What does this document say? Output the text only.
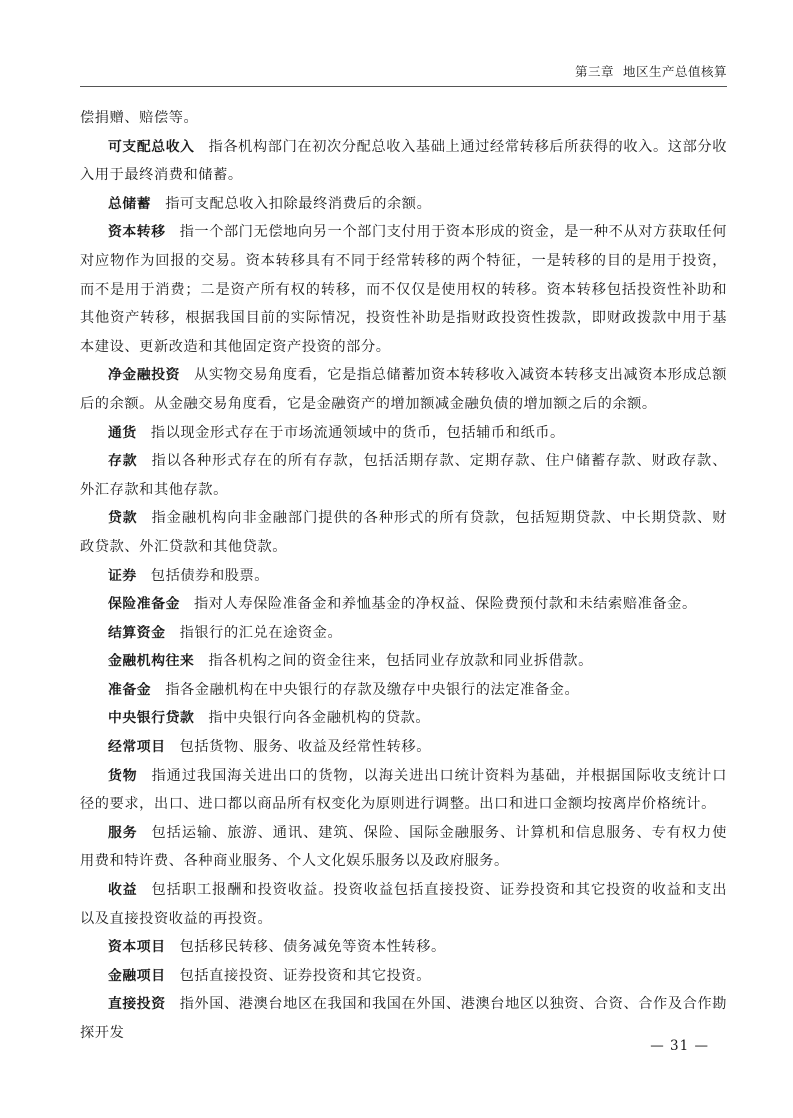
第三章 地区生产总值核算

偿捐赠、赔偿等。

可支配总收入 指各机构部门在初次分配总收入基础上通过经常转移后所获得的收入。这部分收入用于最终消费和储蓄。

总储蓄 指可支配总收入扣除最终消费后的余额。

资本转移 指一个部门无偿地向另一个部门支付用于资本形成的资金，是一种不从对方获取任何对应物作为回报的交易。资本转移具有不同于经常转移的两个特征，一是转移的目的是用于投资，而不是用于消费；二是资产所有权的转移，而不仅仅是使用权的转移。资本转移包括投资性补助和其他资产转移，根据我国目前的实际情况，投资性补助是指财政投资性拨款，即财政拨款中用于基本建设、更新改造和其他固定资产投资的部分。

净金融投资 从实物交易角度看，它是指总储蓄加资本转移收入减资本转移支出减资本形成总额后的余额。从金融交易角度看，它是金融资产的增加额减金融负债的增加额之后的余额。

通货 指以现金形式存在于市场流通领域中的货币，包括辅币和纸币。

存款 指以各种形式存在的所有存款，包括活期存款、定期存款、住户储蓄存款、财政存款、外汇存款和其他存款。

贷款 指金融机构向非金融部门提供的各种形式的所有贷款，包括短期贷款、中长期贷款、财政贷款、外汇贷款和其他贷款。

证券 包括债券和股票。

保险准备金 指对人寿保险准备金和养恤基金的净权益、保险费预付款和未结索赔准备金。

结算资金 指银行的汇兑在途资金。

金融机构往来 指各机构之间的资金往来，包括同业存放款和同业拆借款。

准备金 指各金融机构在中央银行的存款及缴存中央银行的法定准备金。

中央银行贷款 指中央银行向各金融机构的贷款。

经常项目 包括货物、服务、收益及经常性转移。

货物 指通过我国海关进出口的货物，以海关进出口统计资料为基础，并根据国际收支统计口径的要求，出口、进口都以商品所有权变化为原则进行调整。出口和进口金额均按离岸价格统计。

服务 包括运输、旅游、通讯、建筑、保险、国际金融服务、计算机和信息服务、专有权力使用费和特许费、各种商业服务、个人文化娱乐服务以及政府服务。

收益 包括职工报酬和投资收益。投资收益包括直接投资、证券投资和其它投资的收益和支出以及直接投资收益的再投资。

资本项目 包括移民转移、债务减免等资本性转移。

金融项目 包括直接投资、证券投资和其它投资。

直接投资 指外国、港澳台地区在我国和我国在外国、港澳台地区以独资、合资、合作及合作勘探开发

— 31 —
